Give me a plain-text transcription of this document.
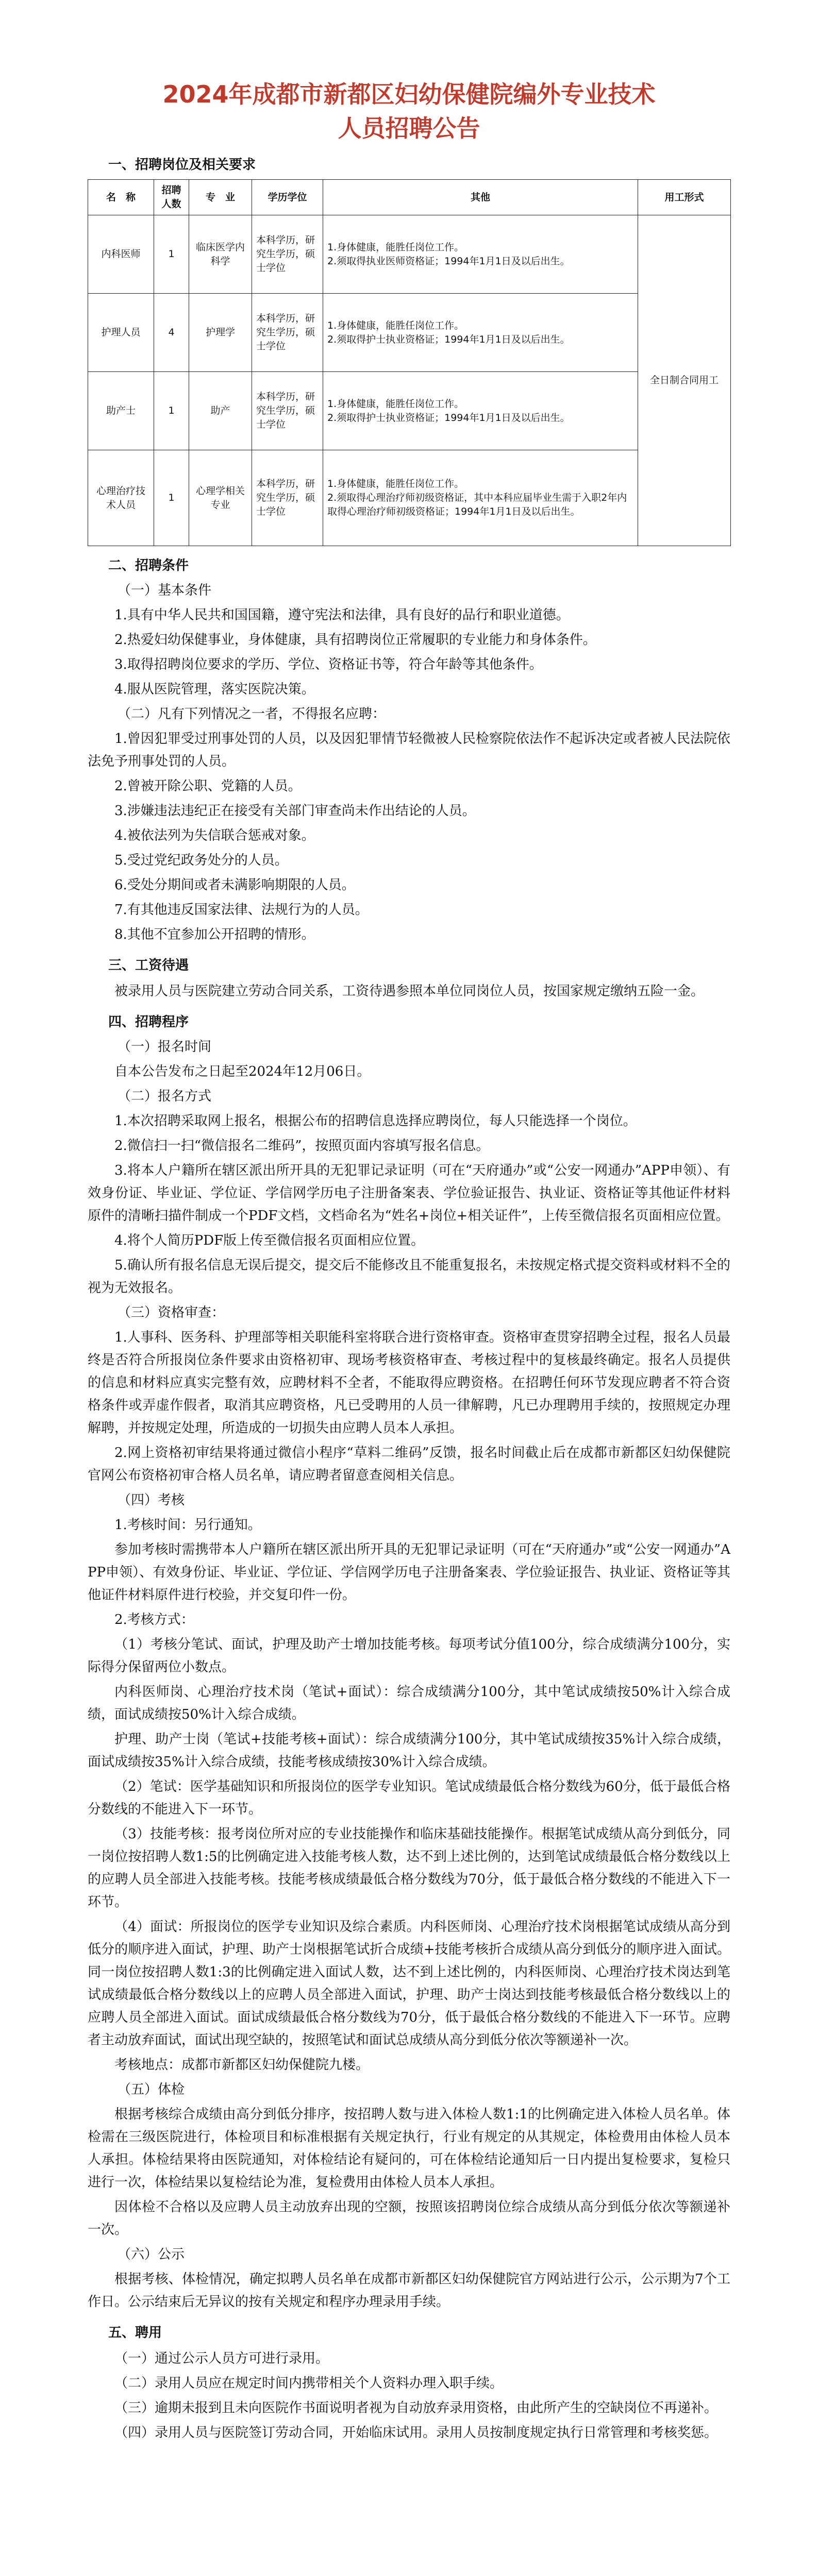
2024年成都市新都区妇幼保健院编外专业技术
人员招聘公告
一、招聘岗位及相关要求
名　称	招聘人数	专　业	学历学位	其他	用工形式
内科医师	1	临床医学内科学	本科学历，研究生学历，硕士学位	1.身体健康，能胜任岗位工作。
2.须取得执业医师资格证；1994年1月1日及以后出生。	全日制合同用工
护理人员	4	护理学	本科学历，研究生学历，硕士学位	1.身体健康，能胜任岗位工作。
2.须取得护士执业资格证；1994年1月1日及以后出生。	

助产士	1	助产	本科学历，研究生学历，硕士学位	1.身体健康，能胜任岗位工作。
2.须取得护士执业资格证；1994年1月1日及以后出生。	

心理治疗技术人员	1	心理学相关专业	本科学历，研究生学历，硕士学位	1.身体健康，能胜任岗位工作。
2.须取得心理治疗师初级资格证，其中本科应届毕业生需于入职2年内取得心理治疗师初级资格证；1994年1月1日及以后出生。	
二、招聘条件
（一）基本条件

1.具有中华人民共和国国籍，遵守宪法和法律，具有良好的品行和职业道德。

2.热爱妇幼保健事业，身体健康，具有招聘岗位正常履职的专业能力和身体条件。

3.取得招聘岗位要求的学历、学位、资格证书等，符合年龄等其他条件。

4.服从医院管理，落实医院决策。

（二）凡有下列情况之一者，不得报名应聘：

1.曾因犯罪受过刑事处罚的人员，以及因犯罪情节轻微被人民检察院依法作不起诉决定或者被人民法院依法免予刑事处罚的人员。

2.曾被开除公职、党籍的人员。

3.涉嫌违法违纪正在接受有关部门审查尚未作出结论的人员。

4.被依法列为失信联合惩戒对象。

5.受过党纪政务处分的人员。

6.受处分期间或者未满影响期限的人员。

7.有其他违反国家法律、法规行为的人员。

8.其他不宜参加公开招聘的情形。

三、工资待遇

被录用人员与医院建立劳动合同关系，工资待遇参照本单位同岗位人员，按国家规定缴纳五险一金。

四、招聘程序
（一）报名时间

自本公告发布之日起至2024年12月06日。

（二）报名方式

1.本次招聘采取网上报名，根据公布的招聘信息选择应聘岗位，每人只能选择一个岗位。

2.微信扫一扫“微信报名二维码”，按照页面内容填写报名信息。

3.将本人户籍所在辖区派出所开具的无犯罪记录证明（可在“天府通办”或“公安一网通办”APP申领）、有效身份证、毕业证、学位证、学信网学历电子注册备案表、学位验证报告、执业证、资格证等其他证件材料原件的清晰扫描件制成一个PDF文档，文档命名为“姓名+岗位+相关证件”，上传至微信报名页面相应位置。

4.将个人简历PDF版上传至微信报名页面相应位置。

5.确认所有报名信息无误后提交，提交后不能修改且不能重复报名，未按规定格式提交资料或材料不全的视为无效报名。

（三）资格审查：

1.人事科、医务科、护理部等相关职能科室将联合进行资格审查。资格审查贯穿招聘全过程，报名人员最终是否符合所报岗位条件要求由资格初审、现场考核资格审查、考核过程中的复核最终确定。报名人员提供的信息和材料应真实完整有效，应聘材料不全者，不能取得应聘资格。在招聘任何环节发现应聘者不符合资格条件或弄虚作假者，取消其应聘资格，凡已受聘用的人员一律解聘，凡已办理聘用手续的，按照规定办理解聘，并按规定处理，所造成的一切损失由应聘人员本人承担。

2.网上资格初审结果将通过微信小程序“草料二维码”反馈，报名时间截止后在成都市新都区妇幼保健院官网公布资格初审合格人员名单，请应聘者留意查阅相关信息。

（四）考核

1.考核时间：另行通知。

参加考核时需携带本人户籍所在辖区派出所开具的无犯罪记录证明（可在“天府通办”或“公安一网通办”APP申领）、有效身份证、毕业证、学位证、学信网学历电子注册备案表、学位验证报告、执业证、资格证等其他证件材料原件进行校验，并交复印件一份。

2.考核方式：

（1）考核分笔试、面试，护理及助产士增加技能考核。每项考试分值100分，综合成绩满分100分，实际得分保留两位小数点。

内科医师岗、心理治疗技术岗（笔试+面试）：综合成绩满分100分，其中笔试成绩按50%计入综合成绩，面试成绩按50%计入综合成绩。

护理、助产士岗（笔试+技能考核+面试）：综合成绩满分100分，其中笔试成绩按35%计入综合成绩，面试成绩按35%计入综合成绩，技能考核成绩按30%计入综合成绩。

（2）笔试：医学基础知识和所报岗位的医学专业知识。笔试成绩最低合格分数线为60分，低于最低合格分数线的不能进入下一环节。

（3）技能考核：报考岗位所对应的专业技能操作和临床基础技能操作。根据笔试成绩从高分到低分，同一岗位按招聘人数1:5的比例确定进入技能考核人数，达不到上述比例的，达到笔试成绩最低合格分数线以上的应聘人员全部进入技能考核。技能考核成绩最低合格分数线为70分，低于最低合格分数线的不能进入下一环节。

（4）面试：所报岗位的医学专业知识及综合素质。内科医师岗、心理治疗技术岗根据笔试成绩从高分到低分的顺序进入面试，护理、助产士岗根据笔试折合成绩+技能考核折合成绩从高分到低分的顺序进入面试。同一岗位按招聘人数1:3的比例确定进入面试人数，达不到上述比例的，内科医师岗、心理治疗技术岗达到笔试成绩最低合格分数线以上的应聘人员全部进入面试，护理、助产士岗达到技能考核最低合格分数线以上的应聘人员全部进入面试。面试成绩最低合格分数线为70分，低于最低合格分数线的不能进入下一环节。应聘者主动放弃面试，面试出现空缺的，按照笔试和面试总成绩从高分到低分依次等额递补一次。

考核地点：成都市新都区妇幼保健院九楼。

（五）体检

根据考核综合成绩由高分到低分排序，按招聘人数与进入体检人数1:1的比例确定进入体检人员名单。体检需在三级医院进行，体检项目和标准根据有关规定执行，行业有规定的从其规定，体检费用由体检人员本人承担。体检结果将由医院通知，对体检结论有疑问的，可在体检结论通知后一日内提出复检要求，复检只进行一次，体检结果以复检结论为准，复检费用由体检人员本人承担。

因体检不合格以及应聘人员主动放弃出现的空额，按照该招聘岗位综合成绩从高分到低分依次等额递补一次。

（六）公示

根据考核、体检情况，确定拟聘人员名单在成都市新都区妇幼保健院官方网站进行公示，公示期为7个工作日。公示结束后无异议的按有关规定和程序办理录用手续。

五、聘用

（一）通过公示人员方可进行录用。

（二）录用人员应在规定时间内携带相关个人资料办理入职手续。

（三）逾期未报到且未向医院作书面说明者视为自动放弃录用资格，由此所产生的空缺岗位不再递补。

（四）录用人员与医院签订劳动合同，开始临床试用。录用人员按制度规定执行日常管理和考核奖惩。
